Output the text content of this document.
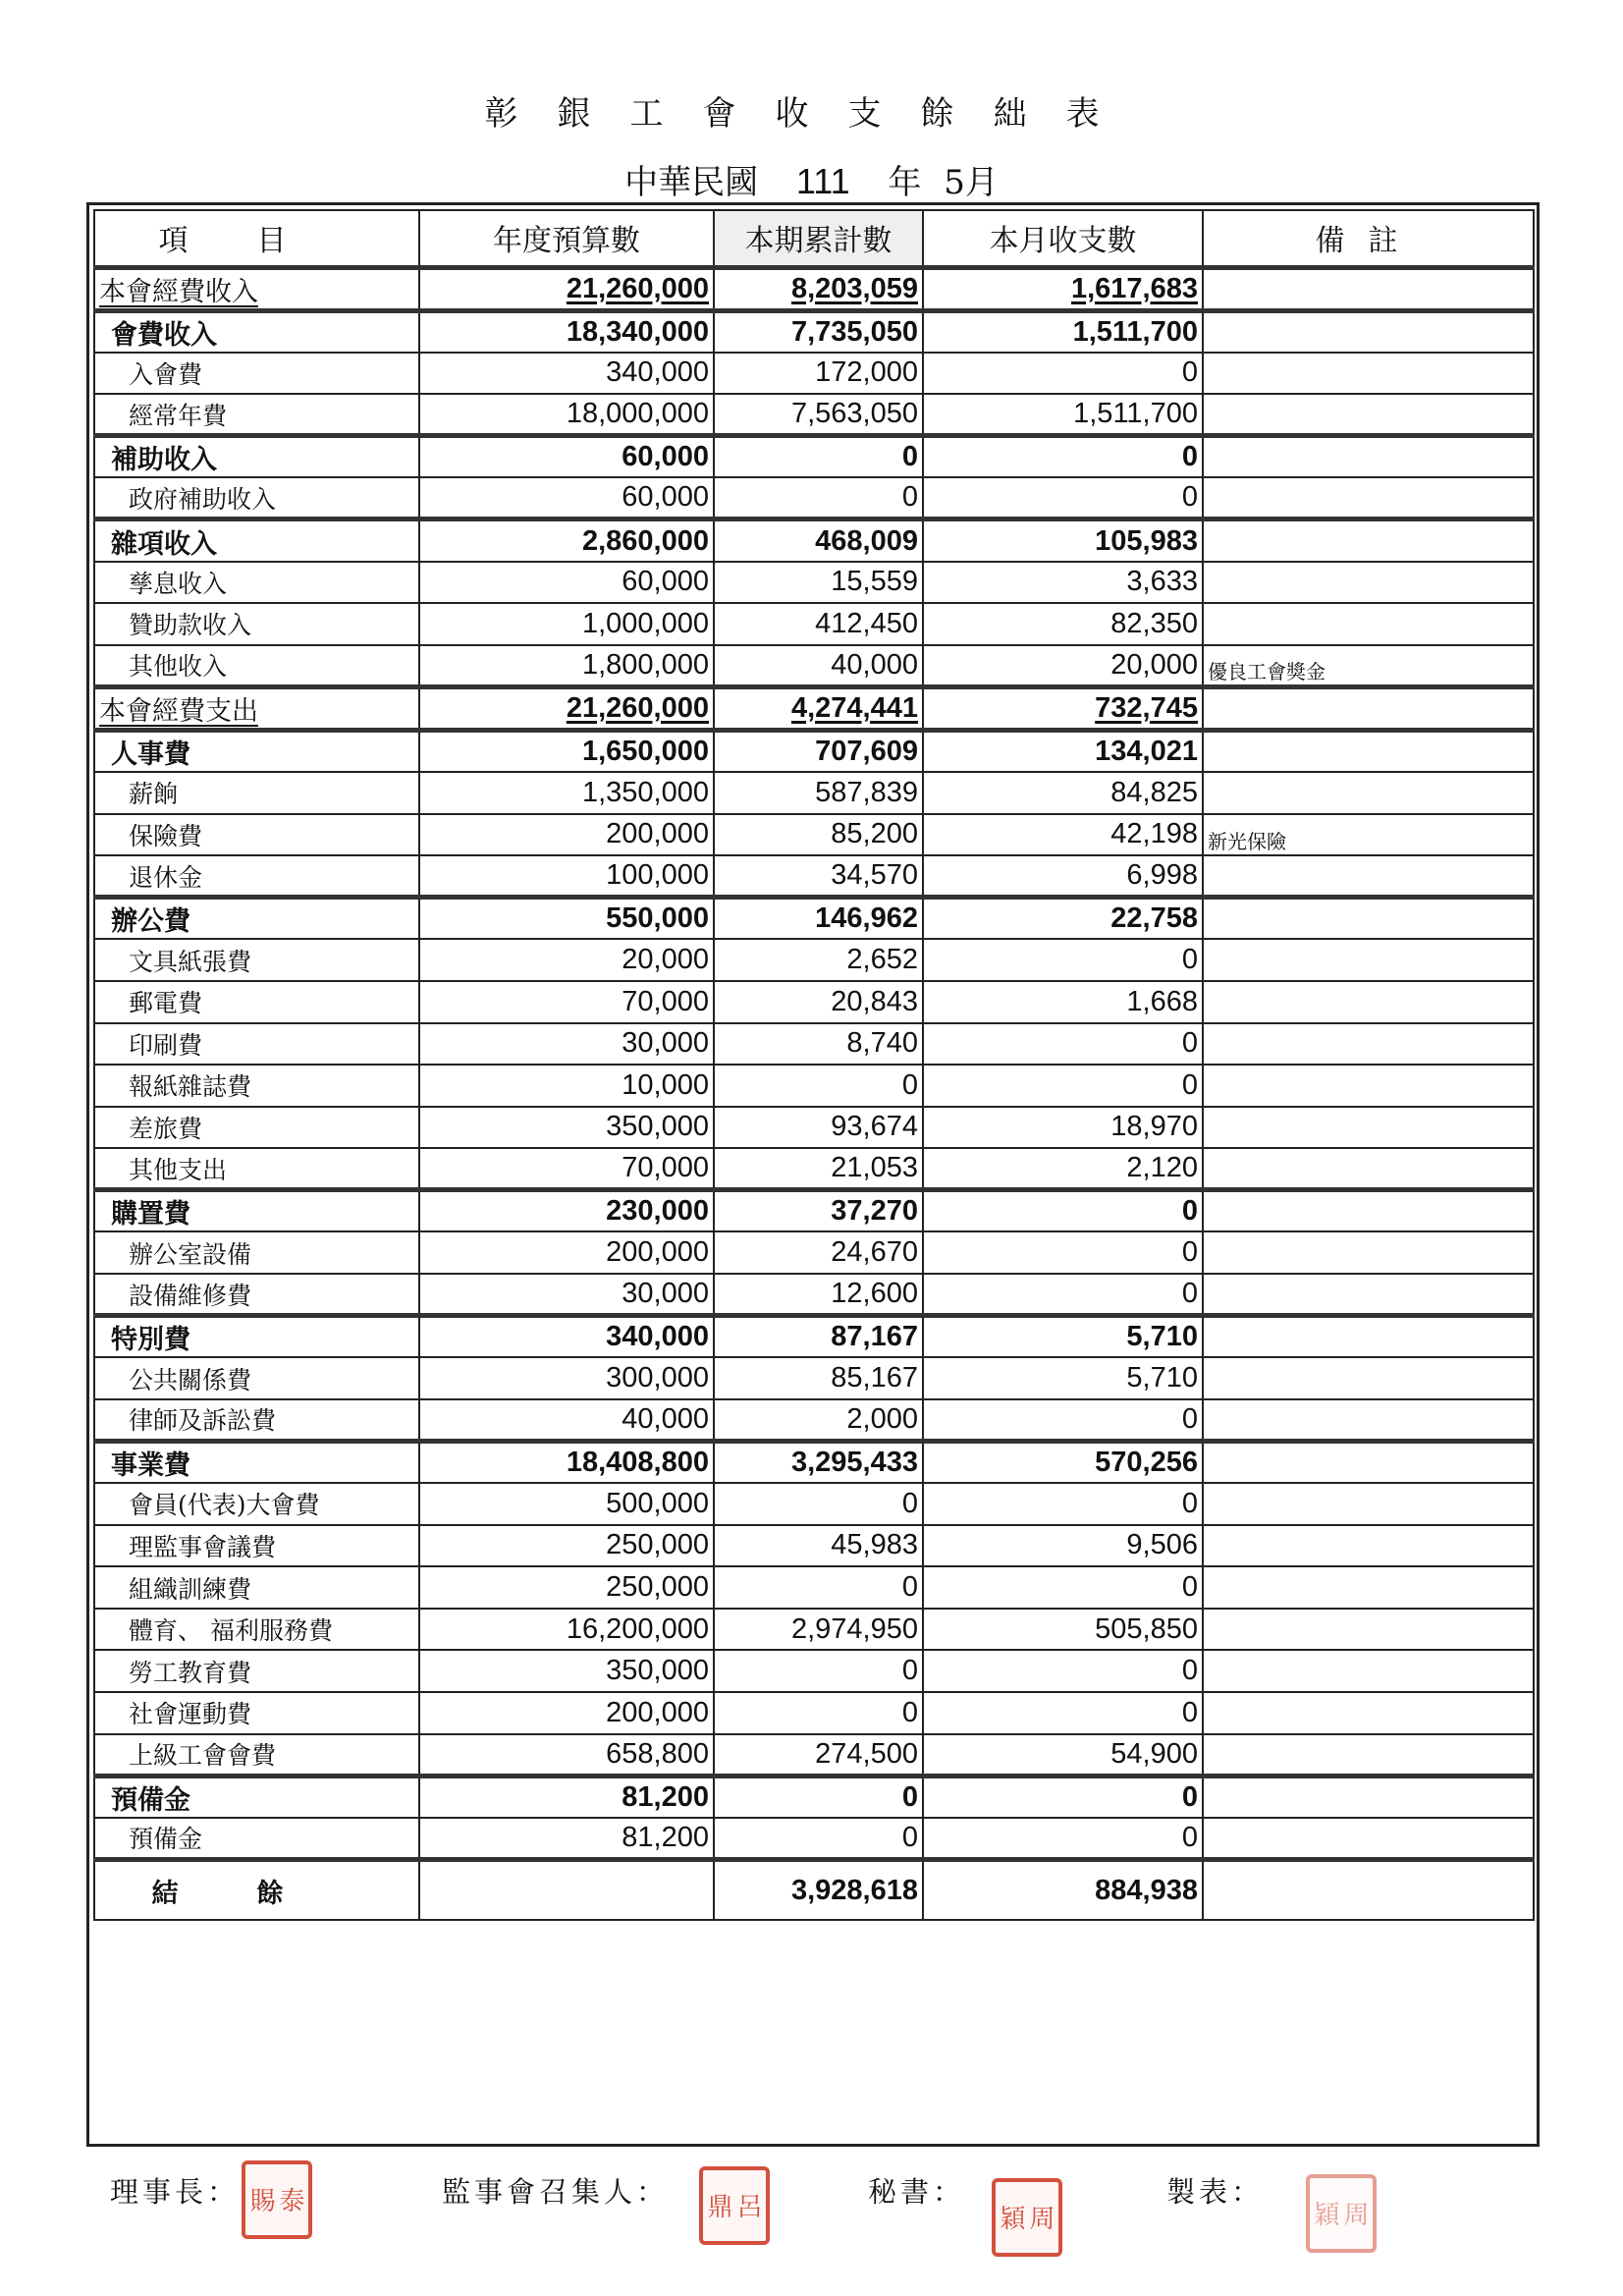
彰銀工會收支餘絀表
中華民國 111 年 5月
項目	年度預算數	本期累計數	本月收支數	備註
本會經費收入	21,260,000	8,203,059	1,617,683	
會費收入	18,340,000	7,735,050	1,511,700	
入會費	340,000	172,000	0	
經常年費	18,000,000	7,563,050	1,511,700	
補助收入	60,000	0	0	
政府補助收入	60,000	0	0	
雜項收入	2,860,000	468,009	105,983	
孳息收入	60,000	15,559	3,633	
贊助款收入	1,000,000	412,450	82,350	
其他收入	1,800,000	40,000	20,000	優良工會獎金
本會經費支出	21,260,000	4,274,441	732,745	
人事費	1,650,000	707,609	134,021	
薪餉	1,350,000	587,839	84,825	
保險費	200,000	85,200	42,198	新光保險
退休金	100,000	34,570	6,998	
辦公費	550,000	146,962	22,758	
文具紙張費	20,000	2,652	0	
郵電費	70,000	20,843	1,668	
印刷費	30,000	8,740	0	
報紙雜誌費	10,000	0	0	
差旅費	350,000	93,674	18,970	
其他支出	70,000	21,053	2,120	
購置費	230,000	37,270	0	
辦公室設備	200,000	24,670	0	
設備維修費	30,000	12,600	0	
特別費	340,000	87,167	5,710	
公共關係費	300,000	85,167	5,710	
律師及訴訟費	40,000	2,000	0	
事業費	18,408,800	3,295,433	570,256	
會員(代表)大會費	500,000	0	0	
理監事會議費	250,000	45,983	9,506	
組織訓練費	250,000	0	0	
體育、 福利服務費	16,200,000	2,974,950	505,850	
勞工教育費	350,000	0	0	
社會運動費	200,000	0	0	
上級工會會費	658,800	274,500	54,900	
預備金	81,200	0	0	
預備金	81,200	0	0	
結餘		3,928,618	884,938	
理事長： 泰
賜	監事會召集人： 呂
鼎	秘書：
周
穎
製表：
周
穎
